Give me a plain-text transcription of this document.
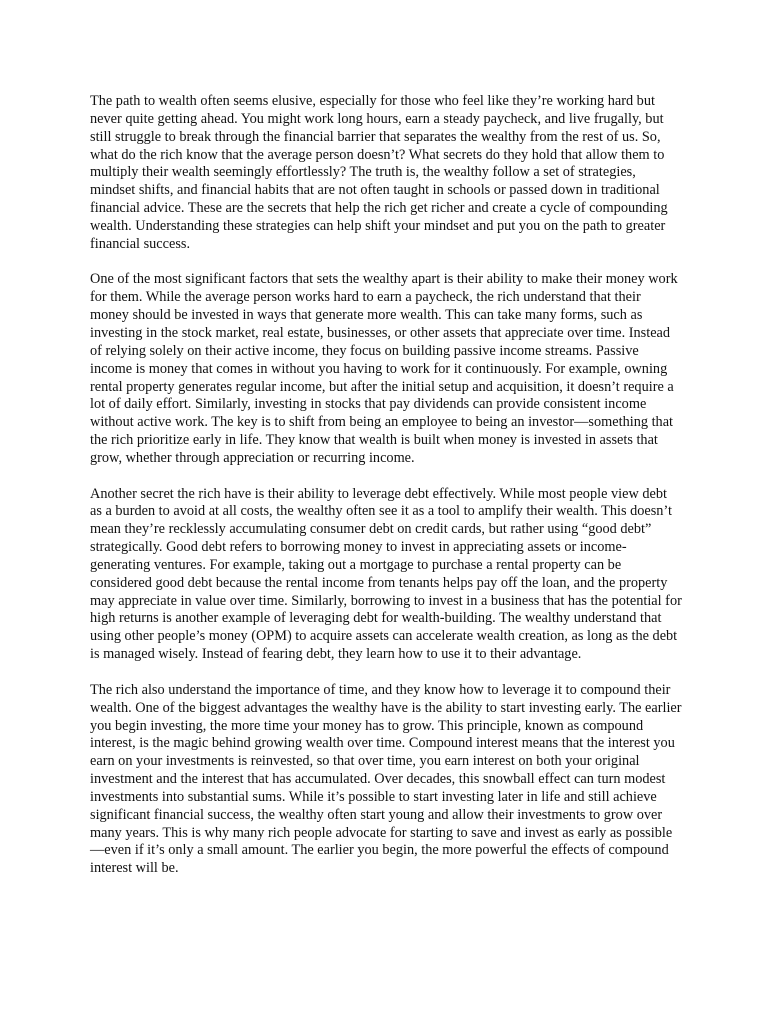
The path to wealth often seems elusive, especially for those who feel like they’re working hard but never quite getting ahead. You might work long hours, earn a steady paycheck, and live frugally, but still struggle to break through the financial barrier that separates the wealthy from the rest of us. So, what do the rich know that the average person doesn’t? What secrets do they hold that allow them to multiply their wealth seemingly effortlessly? The truth is, the wealthy follow a set of strategies, mindset shifts, and financial habits that are not often taught in schools or passed down in traditional financial advice. These are the secrets that help the rich get richer and create a cycle of compounding wealth. Understanding these strategies can help shift your mindset and put you on the path to greater financial success.

One of the most significant factors that sets the wealthy apart is their ability to make their money work for them. While the average person works hard to earn a paycheck, the rich understand that their money should be invested in ways that generate more wealth. This can take many forms, such as investing in the stock market, real estate, businesses, or other assets that appreciate over time. Instead of relying solely on their active income, they focus on building passive income streams. Passive income is money that comes in without you having to work for it continuously. For example, owning rental property generates regular income, but after the initial setup and acquisition, it doesn’t require a lot of daily effort. Similarly, investing in stocks that pay dividends can provide consistent income without active work. The key is to shift from being an employee to being an investor—something that the rich prioritize early in life. They know that wealth is built when money is invested in assets that grow, whether through appreciation or recurring income.

Another secret the rich have is their ability to leverage debt effectively. While most people view debt as a burden to avoid at all costs, the wealthy often see it as a tool to amplify their wealth. This doesn’t mean they’re recklessly accumulating consumer debt on credit cards, but rather using “good debt” strategically. Good debt refers to borrowing money to invest in appreciating assets or income-generating ventures. For example, taking out a mortgage to purchase a rental property can be considered good debt because the rental income from tenants helps pay off the loan, and the property may appreciate in value over time. Similarly, borrowing to invest in a business that has the potential for high returns is another example of leveraging debt for wealth-building. The wealthy understand that using other people’s money (OPM) to acquire assets can accelerate wealth creation, as long as the debt is managed wisely. Instead of fearing debt, they learn how to use it to their advantage.

The rich also understand the importance of time, and they know how to leverage it to compound their wealth. One of the biggest advantages the wealthy have is the ability to start investing early. The earlier you begin investing, the more time your money has to grow. This principle, known as compound interest, is the magic behind growing wealth over time. Compound interest means that the interest you earn on your investments is reinvested, so that over time, you earn interest on both your original investment and the interest that has accumulated. Over decades, this snowball effect can turn modest investments into substantial sums. While it’s possible to start investing later in life and still achieve significant financial success, the wealthy often start young and allow their investments to grow over many years. This is why many rich people advocate for starting to save and invest as early as possible—even if it’s only a small amount. The earlier you begin, the more powerful the effects of compound interest will be.
